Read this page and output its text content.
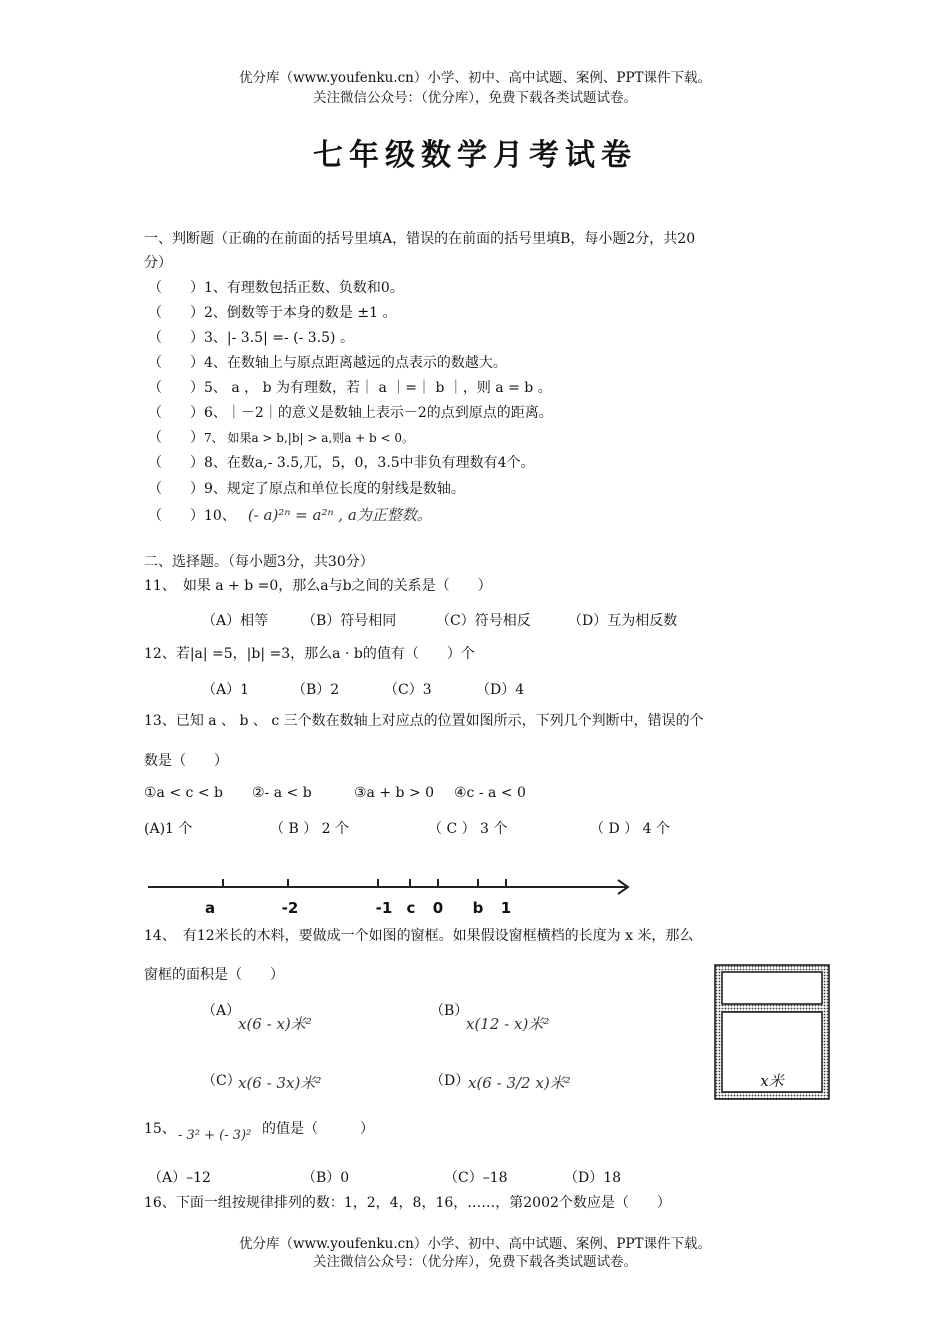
优分库（www.youfenku.cn）小学、初中、高中试题、案例、PPT课件下载。
关注微信公众号：（优分库），免费下载各类试题试卷。
七年级数学月考试卷
一、判断题（正确的在前面的括号里填A，错误的在前面的括号里填B，每小题2分，共20
分）
（　　）1、有理数包括正数、负数和0。
（　　）2、倒数等于本身的数是 ±1 。
（　　）3、|- 3.5| =- (- 3.5) 。
（　　）4、在数轴上与原点距离越远的点表示的数越大。
（　　）5、 a ， b 为有理数，若｜ a ｜=｜ b ｜，则 a = b 。
（　　）6、｜－2｜的意义是数轴上表示－2的点到原点的距离。
（　　）7、 如果a > b,|b| > a,则a + b < 0。
（　　）8、在数a,- 3.5,兀，5，0，3.5中非负有理数有4个。
（　　）9、规定了原点和单位长度的射线是数轴。
（　　）10、 (- a)²ⁿ = a²ⁿ , a为正整数。
二、选择题。（每小题3分，共30分）
11、　如果 a + b =0，那么a与b之间的关系是（　　）
（A）相等 （B）符号相同	（C）符号相反	（D）互为相反数
12、若|a| =5，|b| =3，那么a · b的值有（　　）个
（A）1	（B）2	（C）3	（D）4
13、已知 a 、 b 、 c 三个数在数轴上对应点的位置如图所示，下列几个判断中，错误的个
数是（　　）
①a < c < b ②- a < b	③a + b > 0 ④c - a < 0
(A)1 个	（ B ） 2 个	（ C ） 3 个	（ D ） 4 个
a	-2	-1 c 0 b 1
14、　有12米长的木料，要做成一个如图的窗框。如果假设窗框横档的长度为 x 米，那么
窗框的面积是（　　）
（A）
x(6 - x)米²
（B）
x(12 - x)米²
（C）
x(6 - 3x)米²	（D）
x(6 - 3/2 x)米²	x米
15、 - 3² + (- 3)² 的值是（　　　）
（A）–12	（B）0	（C）–18	（D）18
16、下面一组按规律排列的数：1，2，4，8，16，……，第2002个数应是（　　）
优分库（www.youfenku.cn）小学、初中、高中试题、案例、PPT课件下载。
关注微信公众号：（优分库），免费下载各类试题试卷。
